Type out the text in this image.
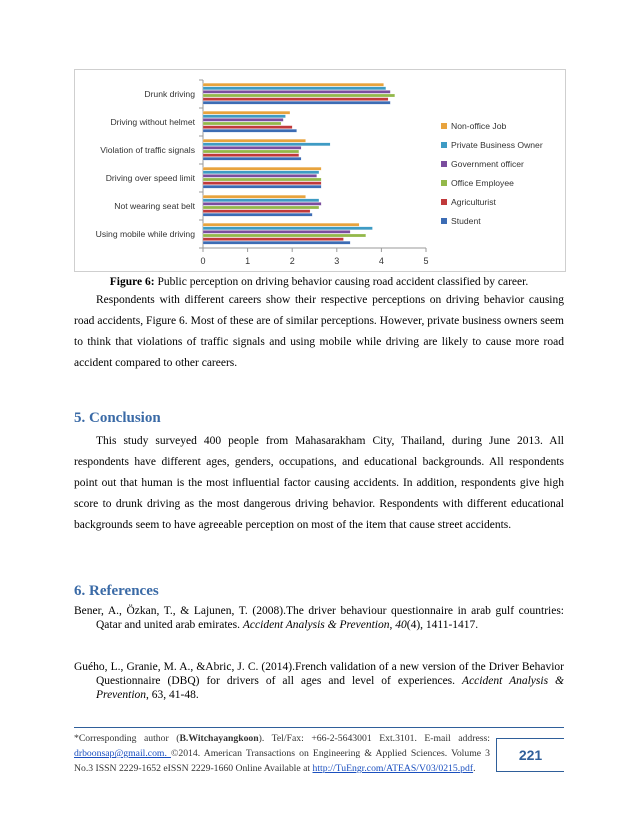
0	1	2	3	4	5
Drunk driving
Driving without helmet
Violation of traffic signals
Driving over speed limit
Not wearing seat belt
Using mobile while driving
Non-office Job
Private Business Owner
Government officer
Office Employee
Agriculturist
Student
Figure 6: Public perception on driving behavior causing road accident classified by career.

Respondents with different careers show their respective perceptions on driving behavior causing road accidents, Figure 6. Most of these are of similar perceptions. However, private business owners seem to think that violations of traffic signals and using mobile while driving are likely to cause more road accident compared to other careers.

5. Conclusion

This study surveyed 400 people from Mahasarakham City, Thailand, during June 2013. All respondents have different ages, genders, occupations, and educational backgrounds. All respondents point out that human is the most influential factor causing accidents. In addition, respondents give high score to drunk driving as the most dangerous driving behavior. Respondents with different educational backgrounds seem to have agreeable perception on most of the item that cause street accidents.

6. References
Bener, A., Özkan, T., & Lajunen, T. (2008).The driver behaviour questionnaire in arab gulf countries: Qatar and united arab emirates. Accident Analysis & Prevention, 40(4), 1411-1417.
Guého, L., Granie, M. A., &Abric, J. C. (2014).French validation of a new version of the Driver Behavior Questionnaire (DBQ) for drivers of all ages and level of experiences. Accident Analysis & Prevention, 63, 41-48.
*Corresponding author (B.Witchayangkoon). Tel/Fax: +66-2-5643001 Ext.3101. E-mail address: drboonsap@gmail.com. ©2014. American Transactions on Engineering & Applied Sciences. Volume 3 No.3 ISSN 2229-1652 eISSN 2229-1660 Online Available at http://TuEngr.com/ATEAS/V03/0215.pdf.
221
